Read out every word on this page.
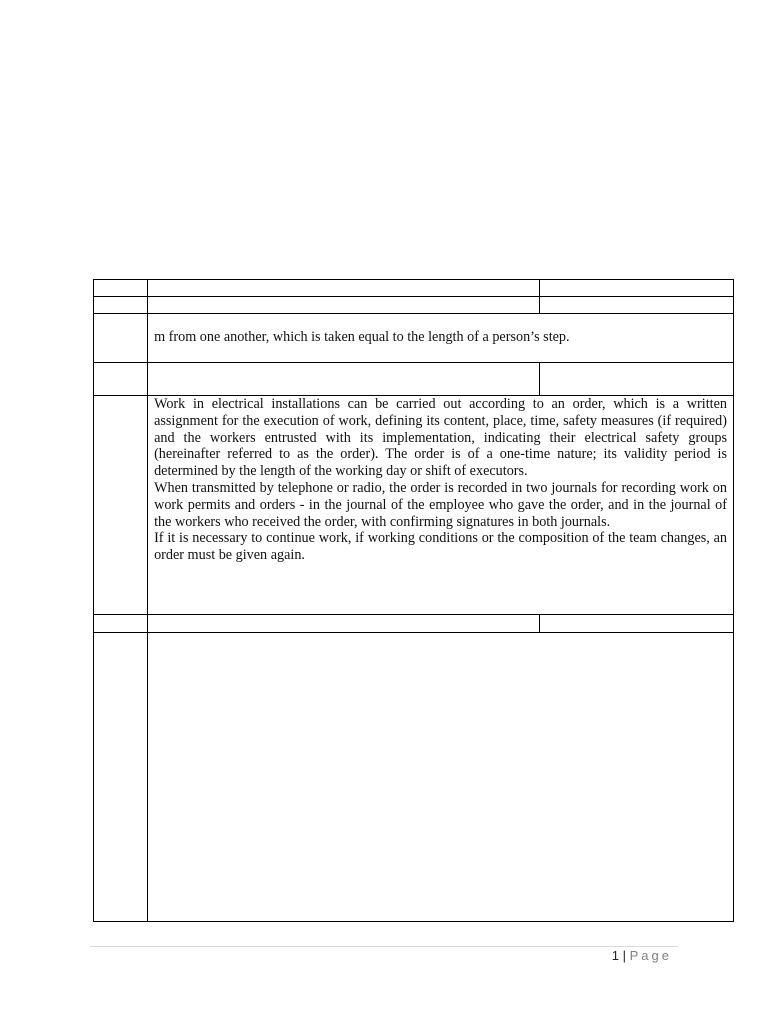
	m from one another, which is taken equal to the length of a person’s step.	

	Work in electrical installations can be carried out according to an order, which is a written assignment for the execution of work, defining its content, place, time, safety measures (if required) and the workers entrusted with its implementation, indicating their electrical safety groups (hereinafter referred to as the order). The order is of a one-time nature; its validity period is determined by the length of the working day or shift of executors.

When transmitted by telephone or radio, the order is recorded in two journals for recording work on work permits and orders - in the journal of the employee who gave the order, and in the journal of the workers who received the order, with confirming signatures in both journals.

If it is necessary to continue work, if working conditions or the composition of the team changes, an order must be given again.	

1 | Page
